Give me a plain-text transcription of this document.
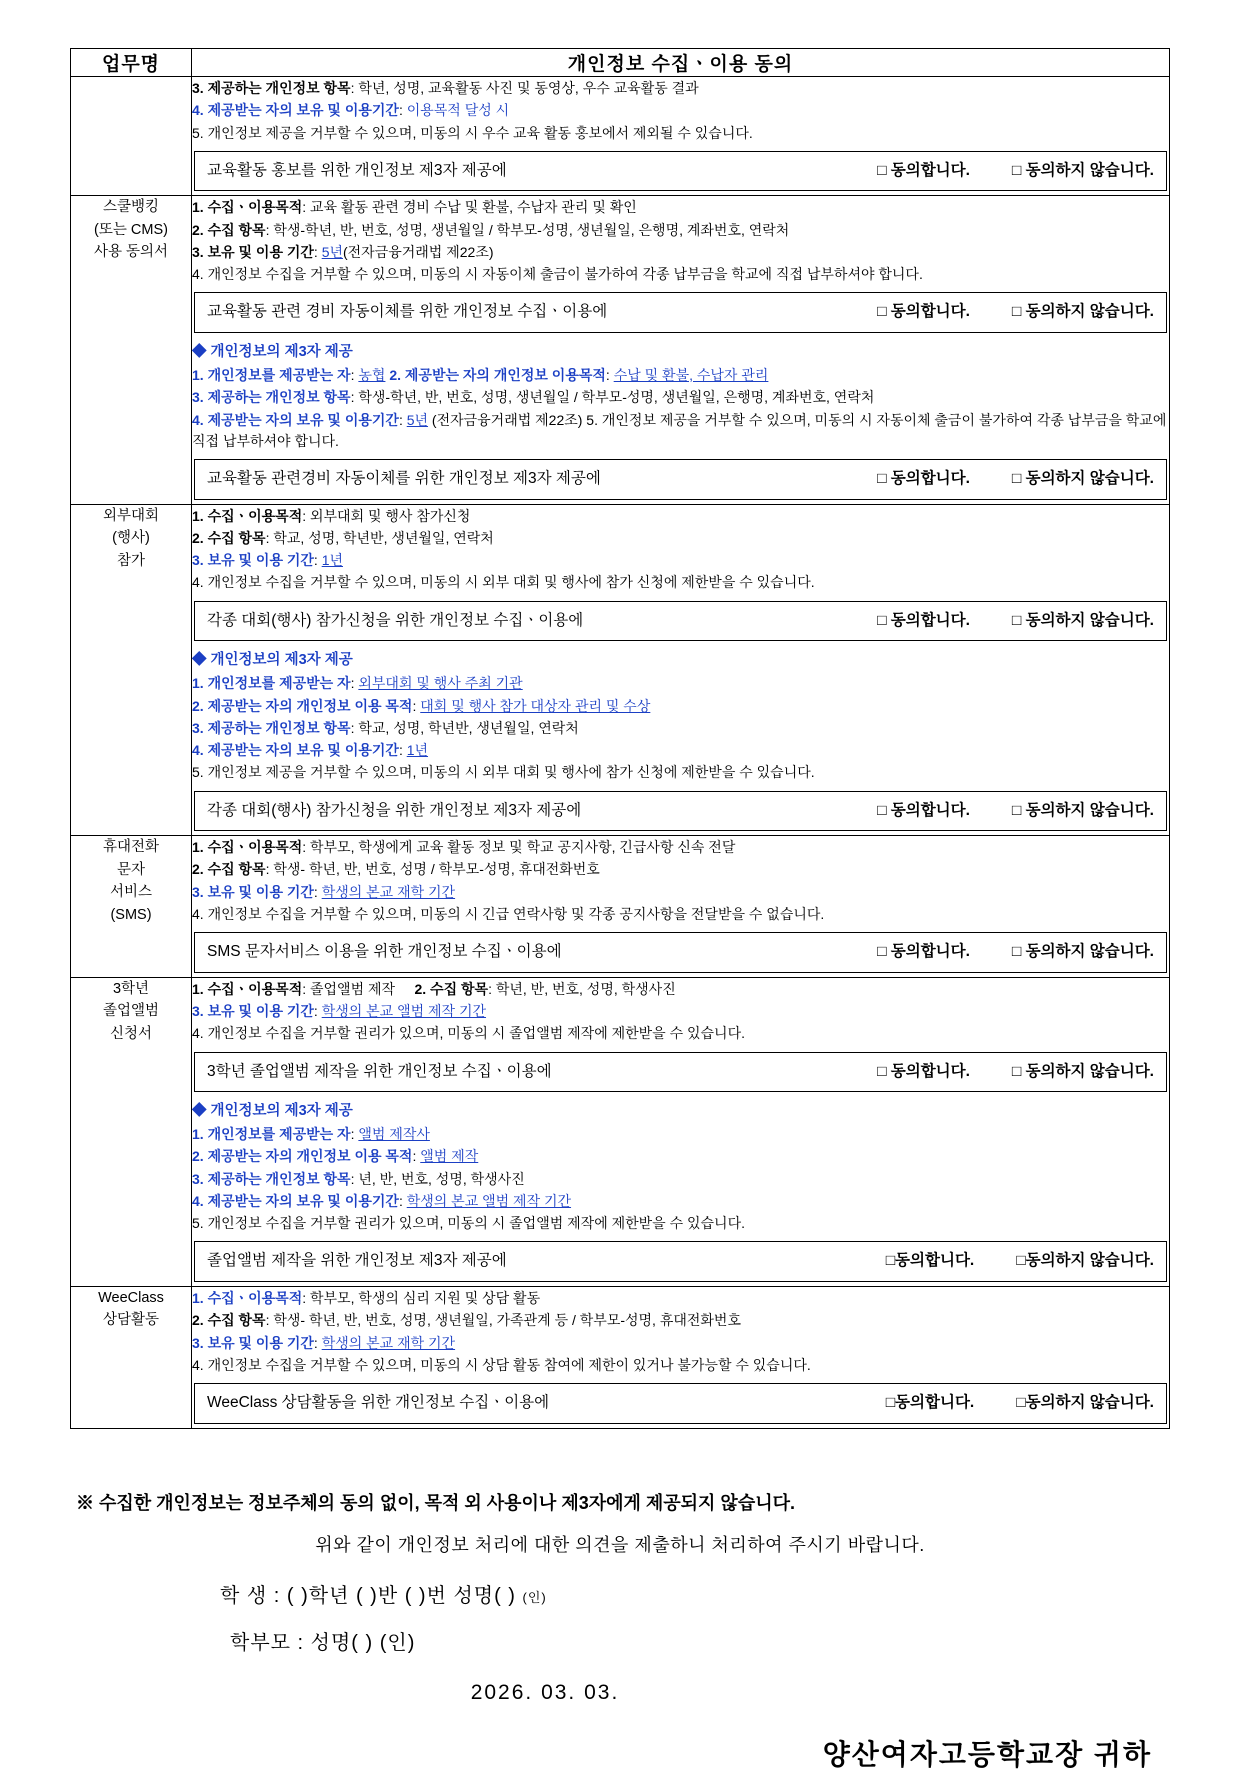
업무명	개인정보 수집ㆍ이용 동의

3. 제공하는 개인정보 항목: 학년, 성명, 교육활동 사진 및 동영상, 우수 교육활동 결과
4. 제공받는 자의 보유 및 이용기간: 이용목적 달성 시
5. 개인정보 제공을 거부할 수 있으며, 미동의 시 우수 교육 활동 홍보에서 제외될 수 있습니다.
교육활동 홍보를 위한 개인정보 제3자 제공에	□ 동의합니다.	□ 동의하지 않습니다.

스쿨뱅킹
(또는 CMS)
사용 동의서

1. 수집ㆍ이용목적: 교육 활동 관련 경비 수납 및 환불, 수납자 관리 및 확인
2. 수집 항목: 학생-학년, 반, 번호, 성명, 생년월일 / 학부모-성명, 생년월일, 은행명, 계좌번호, 연락처
3. 보유 및 이용 기간: 5년(전자금융거래법 제22조)
4. 개인정보 수집을 거부할 수 있으며, 미동의 시 자동이체 출금이 불가하여 각종 납부금을 학교에 직접 납부하셔야 합니다.
교육활동 관련 경비 자동이체를 위한 개인정보 수집ㆍ이용에	□ 동의합니다.	□ 동의하지 않습니다.
◆ 개인정보의 제3자 제공
1. 개인정보를 제공받는 자: 농협 2. 제공받는 자의 개인정보 이용목적: 수납 및 환불, 수납자 관리
3. 제공하는 개인정보 항목: 학생-학년, 반, 번호, 성명, 생년월일 / 학부모-성명, 생년월일, 은행명, 계좌번호, 연락처
4. 제공받는 자의 보유 및 이용기간: 5년 (전자금융거래법 제22조) 5. 개인정보 제공을 거부할 수 있으며, 미동의 시 자동이체 출금이 불가하여 각종 납부금을 학교에 직접 납부하셔야 합니다.
교육활동 관련경비 자동이체를 위한 개인정보 제3자 제공에	□ 동의합니다.	□ 동의하지 않습니다.

외부대회
(행사)
참가

1. 수집ㆍ이용목적: 외부대회 및 행사 참가신청
2. 수집 항목: 학교, 성명, 학년반, 생년월일, 연락처
3. 보유 및 이용 기간: 1년
4. 개인정보 수집을 거부할 수 있으며, 미동의 시 외부 대회 및 행사에 참가 신청에 제한받을 수 있습니다.
각종 대회(행사) 참가신청을 위한 개인정보 수집ㆍ이용에	□ 동의합니다.	□ 동의하지 않습니다.
◆ 개인정보의 제3자 제공
1. 개인정보를 제공받는 자: 외부대회 및 행사 주최 기관
2. 제공받는 자의 개인정보 이용 목적: 대회 및 행사 참가 대상자 관리 및 수상
3. 제공하는 개인정보 항목: 학교, 성명, 학년반, 생년월일, 연락처
4. 제공받는 자의 보유 및 이용기간: 1년
5. 개인정보 제공을 거부할 수 있으며, 미동의 시 외부 대회 및 행사에 참가 신청에 제한받을 수 있습니다.
각종 대회(행사) 참가신청을 위한 개인정보 제3자 제공에	□ 동의합니다.	□ 동의하지 않습니다.

휴대전화
문자
서비스
(SMS)

1. 수집ㆍ이용목적: 학부모, 학생에게 교육 활동 정보 및 학교 공지사항, 긴급사항 신속 전달
2. 수집 항목: 학생- 학년, 반, 번호, 성명 / 학부모-성명, 휴대전화번호
3. 보유 및 이용 기간: 학생의 본교 재학 기간
4. 개인정보 수집을 거부할 수 있으며, 미동의 시 긴급 연락사항 및 각종 공지사항을 전달받을 수 없습니다.
SMS 문자서비스 이용을 위한 개인정보 수집ㆍ이용에	□ 동의합니다.	□ 동의하지 않습니다.

3학년
졸업앨범
신청서

1. 수집ㆍ이용목적: 졸업앨범 제작     2. 수집 항목: 학년, 반, 번호, 성명, 학생사진
3. 보유 및 이용 기간: 학생의 본교 앨범 제작 기간
4. 개인정보 수집을 거부할 권리가 있으며, 미동의 시 졸업앨범 제작에 제한받을 수 있습니다.
3학년 졸업앨범 제작을 위한 개인정보 수집ㆍ이용에	□ 동의합니다.	□ 동의하지 않습니다.
◆ 개인정보의 제3자 제공
1. 개인정보를 제공받는 자: 앨범 제작사
2. 제공받는 자의 개인정보 이용 목적: 앨범 제작
3. 제공하는 개인정보 항목: 년, 반, 번호, 성명, 학생사진
4. 제공받는 자의 보유 및 이용기간: 학생의 본교 앨범 제작 기간
5. 개인정보 수집을 거부할 권리가 있으며, 미동의 시 졸업앨범 제작에 제한받을 수 있습니다.
졸업앨범 제작을 위한 개인정보 제3자 제공에	□동의합니다.	□동의하지 않습니다.

WeeClass
상담활동

1. 수집ㆍ이용목적: 학부모, 학생의 심리 지원 및 상담 활동
2. 수집 항목: 학생- 학년, 반, 번호, 성명, 생년월일, 가족관계 등 / 학부모-성명, 휴대전화번호
3. 보유 및 이용 기간: 학생의 본교 재학 기간
4. 개인정보 수집을 거부할 수 있으며, 미동의 시 상담 활동 참여에 제한이 있거나 불가능할 수 있습니다.
WeeClass 상담활동을 위한 개인정보 수집ㆍ이용에	□동의합니다.	□동의하지 않습니다.
※ 수집한 개인정보는 정보주체의 동의 없이, 목적 외 사용이나 제3자에게 제공되지 않습니다.
위와 같이 개인정보 처리에 대한 의견을 제출하니 처리하여 주시기 바랍니다.
학 생 : ( )학년 ( )반 ( )번 성명( ) (인)
학부모 : 성명( ) (인)
2026. 03. 03.
양산여자고등학교장 귀하
